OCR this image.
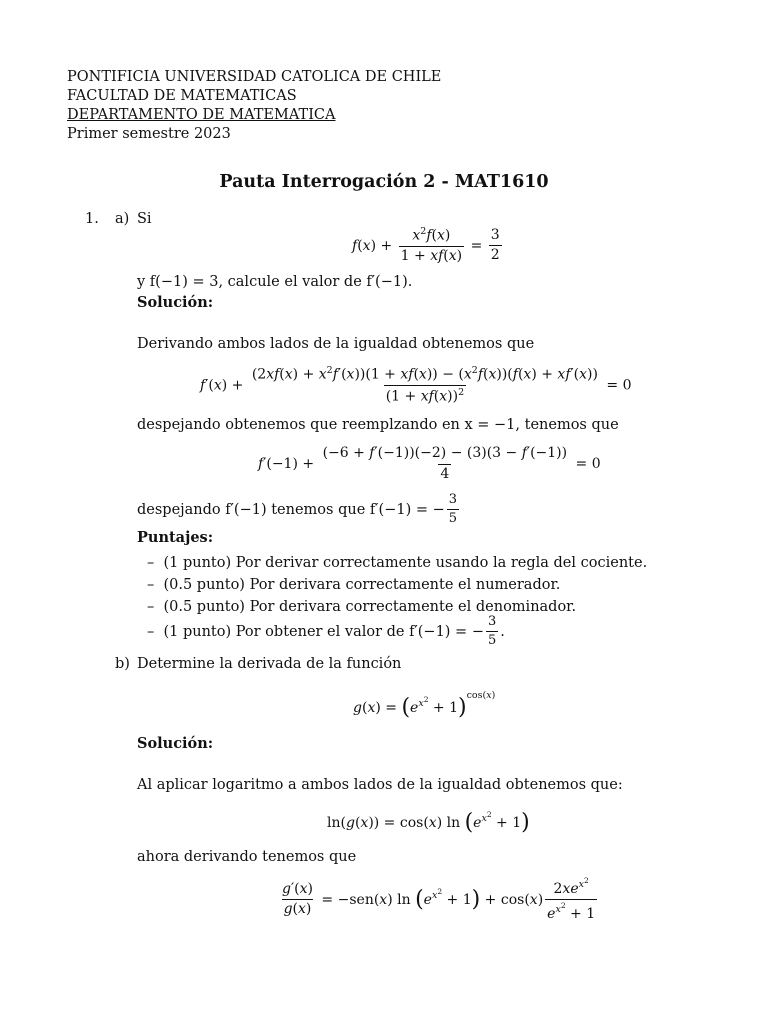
PONTIFICIA UNIVERSIDAD CATOLICA DE CHILE
FACULTAD DE MATEMATICAS
DEPARTAMENTO DE MATEMATICA
Primer semestre 2023
Pauta Interrogación 2 - MAT1610
1. a) Si
$f(x) + \frac{x^2f(x)}{1 + xf(x)} = \frac{3}{2}$
y f(−1) = 3, calcule el valor de f′(−1).
Solución:
Derivando ambos lados de la igualdad obtenemos que
$f'(x) + \frac{(2xf(x) + x^2f'(x))(1 + xf(x)) - (x^2f(x))(f(x) + xf'(x))}{(1 + xf(x))^2} = 0$
despejando obtenemos que reemplzando en x = −1, tenemos que
$f'(-1) + \frac{(-6 + f'(-1))(-2) - (3)(3 - f'(-1))}{4} = 0$
despejando f′(−1) tenemos que f′(−1) = − $\frac{3}{5}$
Puntajes:
–  (1 punto) Por derivar correctamente usando la regla del cociente.
–  (0.5 punto) Por derivara correctamente el numerador.
–  (0.5 punto) Por derivara correctamente el denominador.
–  (1 punto) Por obtener el valor de f′(−1) = − $\frac{3}{5}$ .
b) Determine la derivada de la función
$g(x) = (e^{x^2} + 1)^{cos(x)}$
Solución:
Al aplicar logaritmo a ambos lados de la igualdad obtenemos que:
ln(g(x)) = cos(x) $\ln (e^{x^2} + 1)$
ahora derivando tenemos que
$\frac{g'(x)}{g(x)} = -sen(x)$ $\ln (e^{x^2} + 1) + \cos(x) \frac{2xe^{x^2}}{e^{x^2} + 1}$
